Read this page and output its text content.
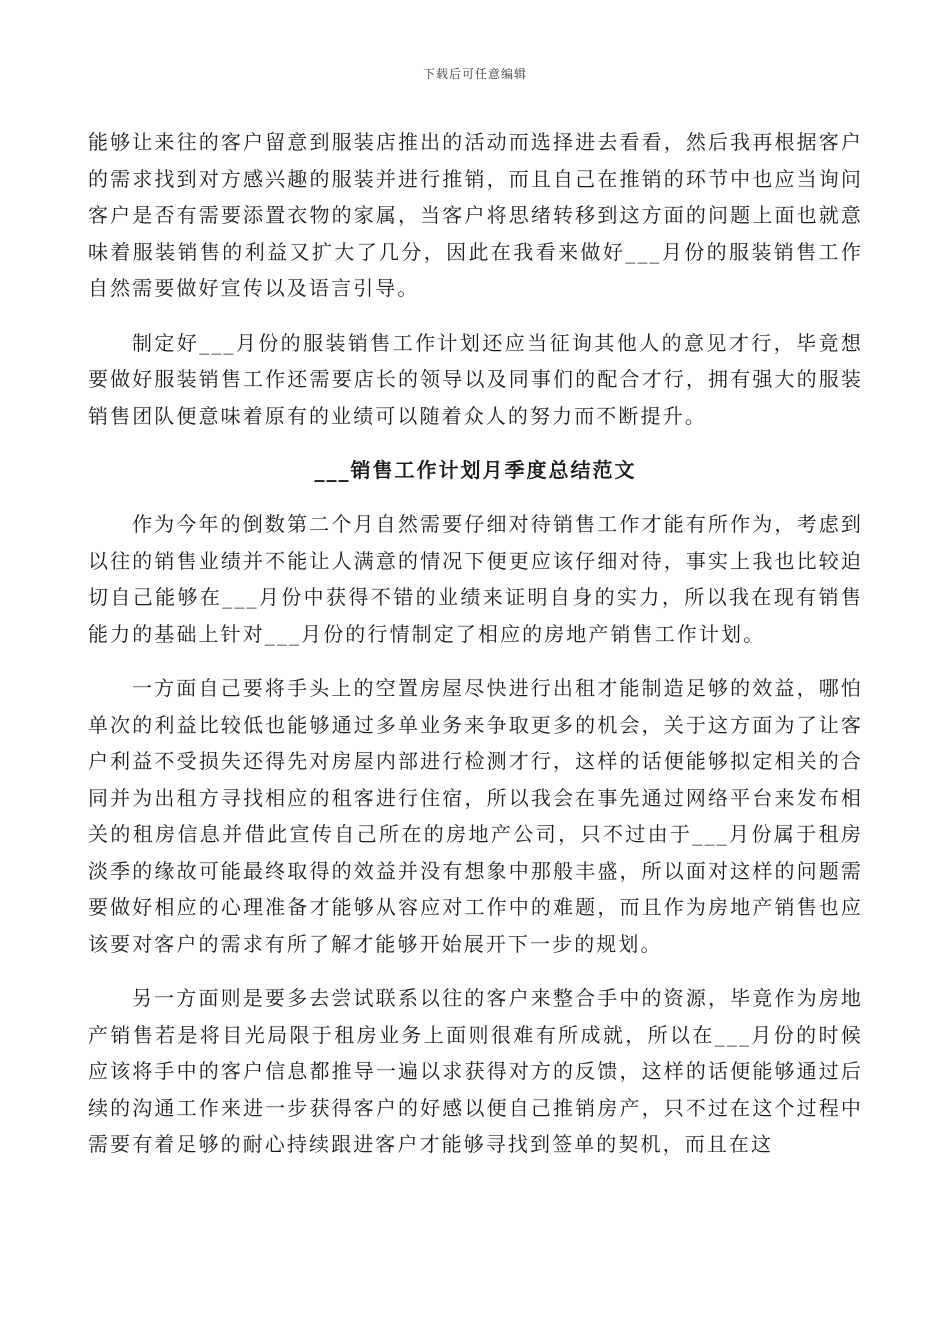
下载后可任意编辑

能够让来往的客户留意到服装店推出的活动而选择进去看看，然后我再根据客户的需求找到对方感兴趣的服装并进行推销，而且自己在推销的环节中也应当询问客户是否有需要添置衣物的家属，当客户将思绪转移到这方面的问题上面也就意味着服装销售的利益又扩大了几分，因此在我看来做好___月份的服装销售工作自然需要做好宣传以及语言引导。

制定好___月份的服装销售工作计划还应当征询其他人的意见才行，毕竟想要做好服装销售工作还需要店长的领导以及同事们的配合才行，拥有强大的服装销售团队便意味着原有的业绩可以随着众人的努力而不断提升。

___销售工作计划月季度总结范文

作为今年的倒数第二个月自然需要仔细对待销售工作才能有所作为，考虑到以往的销售业绩并不能让人满意的情况下便更应该仔细对待，事实上我也比较迫切自己能够在___月份中获得不错的业绩来证明自身的实力，所以我在现有销售能力的基础上针对___月份的行情制定了相应的房地产销售工作计划。

一方面自己要将手头上的空置房屋尽快进行出租才能制造足够的效益，哪怕单次的利益比较低也能够通过多单业务来争取更多的机会，关于这方面为了让客户利益不受损失还得先对房屋内部进行检测才行，这样的话便能够拟定相关的合同并为出租方寻找相应的租客进行住宿，所以我会在事先通过网络平台来发布相关的租房信息并借此宣传自己所在的房地产公司，只不过由于___月份属于租房淡季的缘故可能最终取得的效益并没有想象中那般丰盛，所以面对这样的问题需要做好相应的心理准备才能够从容应对工作中的难题，而且作为房地产销售也应该要对客户的需求有所了解才能够开始展开下一步的规划。

另一方面则是要多去尝试联系以往的客户来整合手中的资源，毕竟作为房地产销售若是将目光局限于租房业务上面则很难有所成就，所以在___月份的时候应该将手中的客户信息都推导一遍以求获得对方的反馈，这样的话便能够通过后续的沟通工作来进一步获得客户的好感以便自己推销房产，只不过在这个过程中需要有着足够的耐心持续跟进客户才能够寻找到签单的契机，而且在这
